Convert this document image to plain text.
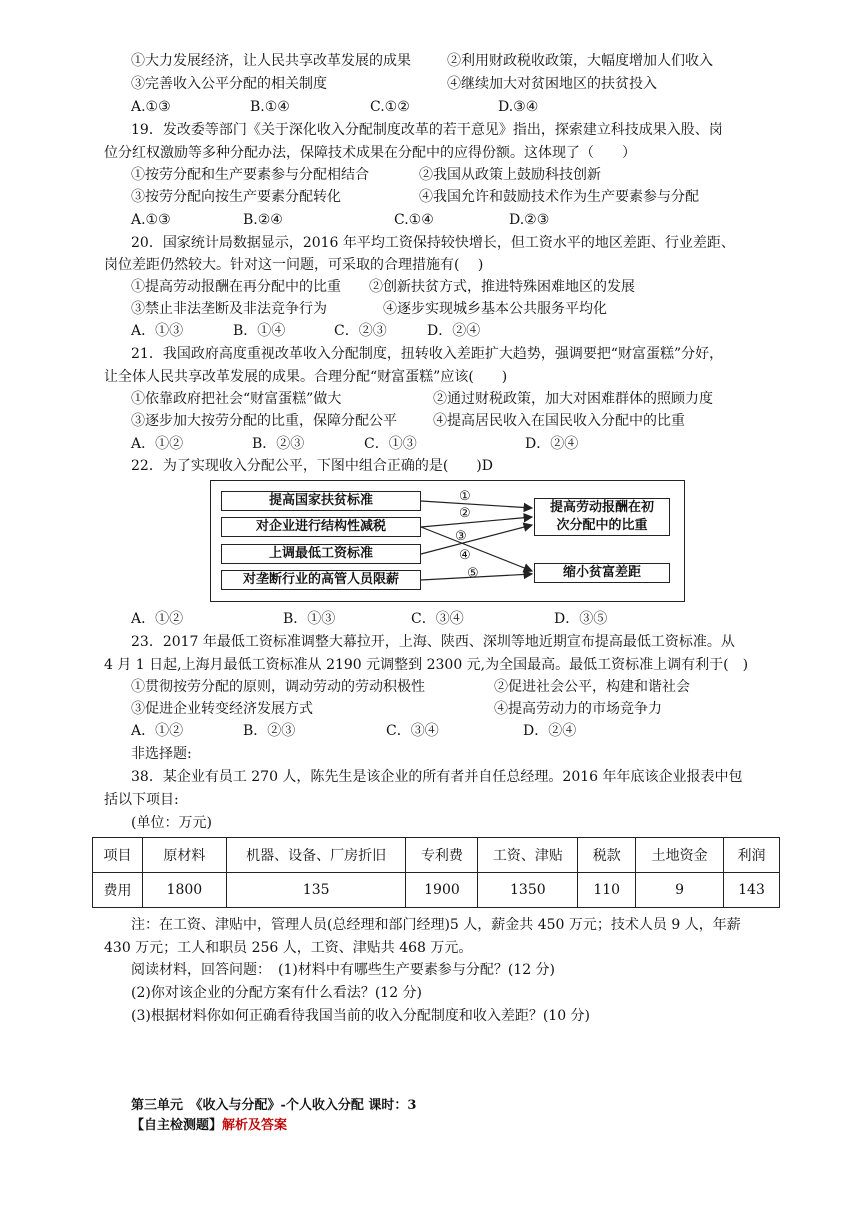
①大力发展经济，让人民共享改革发展的成果	②利用财政税收政策，大幅度增加人们收入
③完善收入公平分配的相关制度	④继续加大对贫困地区的扶贫投入
A.①③	B.①④	C.①②	D.③④
19．发改委等部门《关于深化收入分配制度改革的若干意见》指出，探索建立科技成果入股、岗
位分红权激励等多种分配办法，保障技术成果在分配中的应得份额。这体现了（　　）
①按劳分配和生产要素参与分配相结合	②我国从政策上鼓励科技创新
③按劳分配向按生产要素分配转化	④我国允许和鼓励技术作为生产要素参与分配
A.①③	B.②④	C.①④	D.②③
20．国家统计局数据显示，2016 年平均工资保持较快增长，但工资水平的地区差距、行业差距、
岗位差距仍然较大。针对这一问题，可采取的合理措施有(　 )
①提高劳动报酬在再分配中的比重 ②创新扶贫方式，推进特殊困难地区的发展
③禁止非法垄断及非法竞争行为	④逐步实现城乡基本公共服务平均化
A．①③	B．①④	C．②③	D．②④
21．我国政府高度重视改革收入分配制度，扭转收入差距扩大趋势，强调要把“财富蛋糕”分好，
让全体人民共享改革发展的成果。合理分配“财富蛋糕”应该(　　)
①依靠政府把社会“财富蛋糕”做大	②通过财税政策，加大对困难群体的照顾力度
③逐步加大按劳分配的比重，保障分配公平	④提高居民收入在国民收入分配中的比重
A．①②	B．②③	C．①③	D．②④
22．为了实现收入分配公平，下图中组合正确的是(　　)D
提高国家扶贫标准
对企业进行结构性减税
上调最低工资标准
对垄断行业的高管人员限薪
提高劳动报酬在初
次分配中的比重
缩小贫富差距
①
②
③
④
⑤
A．①②	B．①③	C．③④	D．③⑤
23．2017 年最低工资标准调整大幕拉开，上海、陕西、深圳等地近期宣布提高最低工资标准。从
4 月 1 日起,上海月最低工资标准从 2190 元调整到 2300 元,为全国最高。最低工资标准上调有利于(　)
①贯彻按劳分配的原则，调动劳动的劳动积极性	②促进社会公平，构建和谐社会
③促进企业转变经济发展方式	④提高劳动力的市场竞争力
A．①②	B．②③	C．③④	D．②④
非选择题:
38．某企业有员工 270 人，陈先生是该企业的所有者并自任总经理。2016 年年底该企业报表中包
括以下项目:
(单位：万元)
项目	原材料	机器、设备、厂房折旧	专利费	工资、津贴	税款	土地资金	利润
费用	1800	135	1900	1350	110	9	143
注：在工资、津贴中，管理人员(总经理和部门经理)5 人，薪金共 450 万元；技术人员 9 人，年薪
430 万元；工人和职员 256 人，工资、津贴共 468 万元。
阅读材料，回答问题：　(1)材料中有哪些生产要素参与分配？(12 分)
(2)你对该企业的分配方案有什么看法？(12 分)
(3)根据材料你如何正确看待我国当前的收入分配制度和收入差距？(10 分)
第三单元　《收入与分配》-个人收入分配 课时：3
【自主检测题】解析及答案
